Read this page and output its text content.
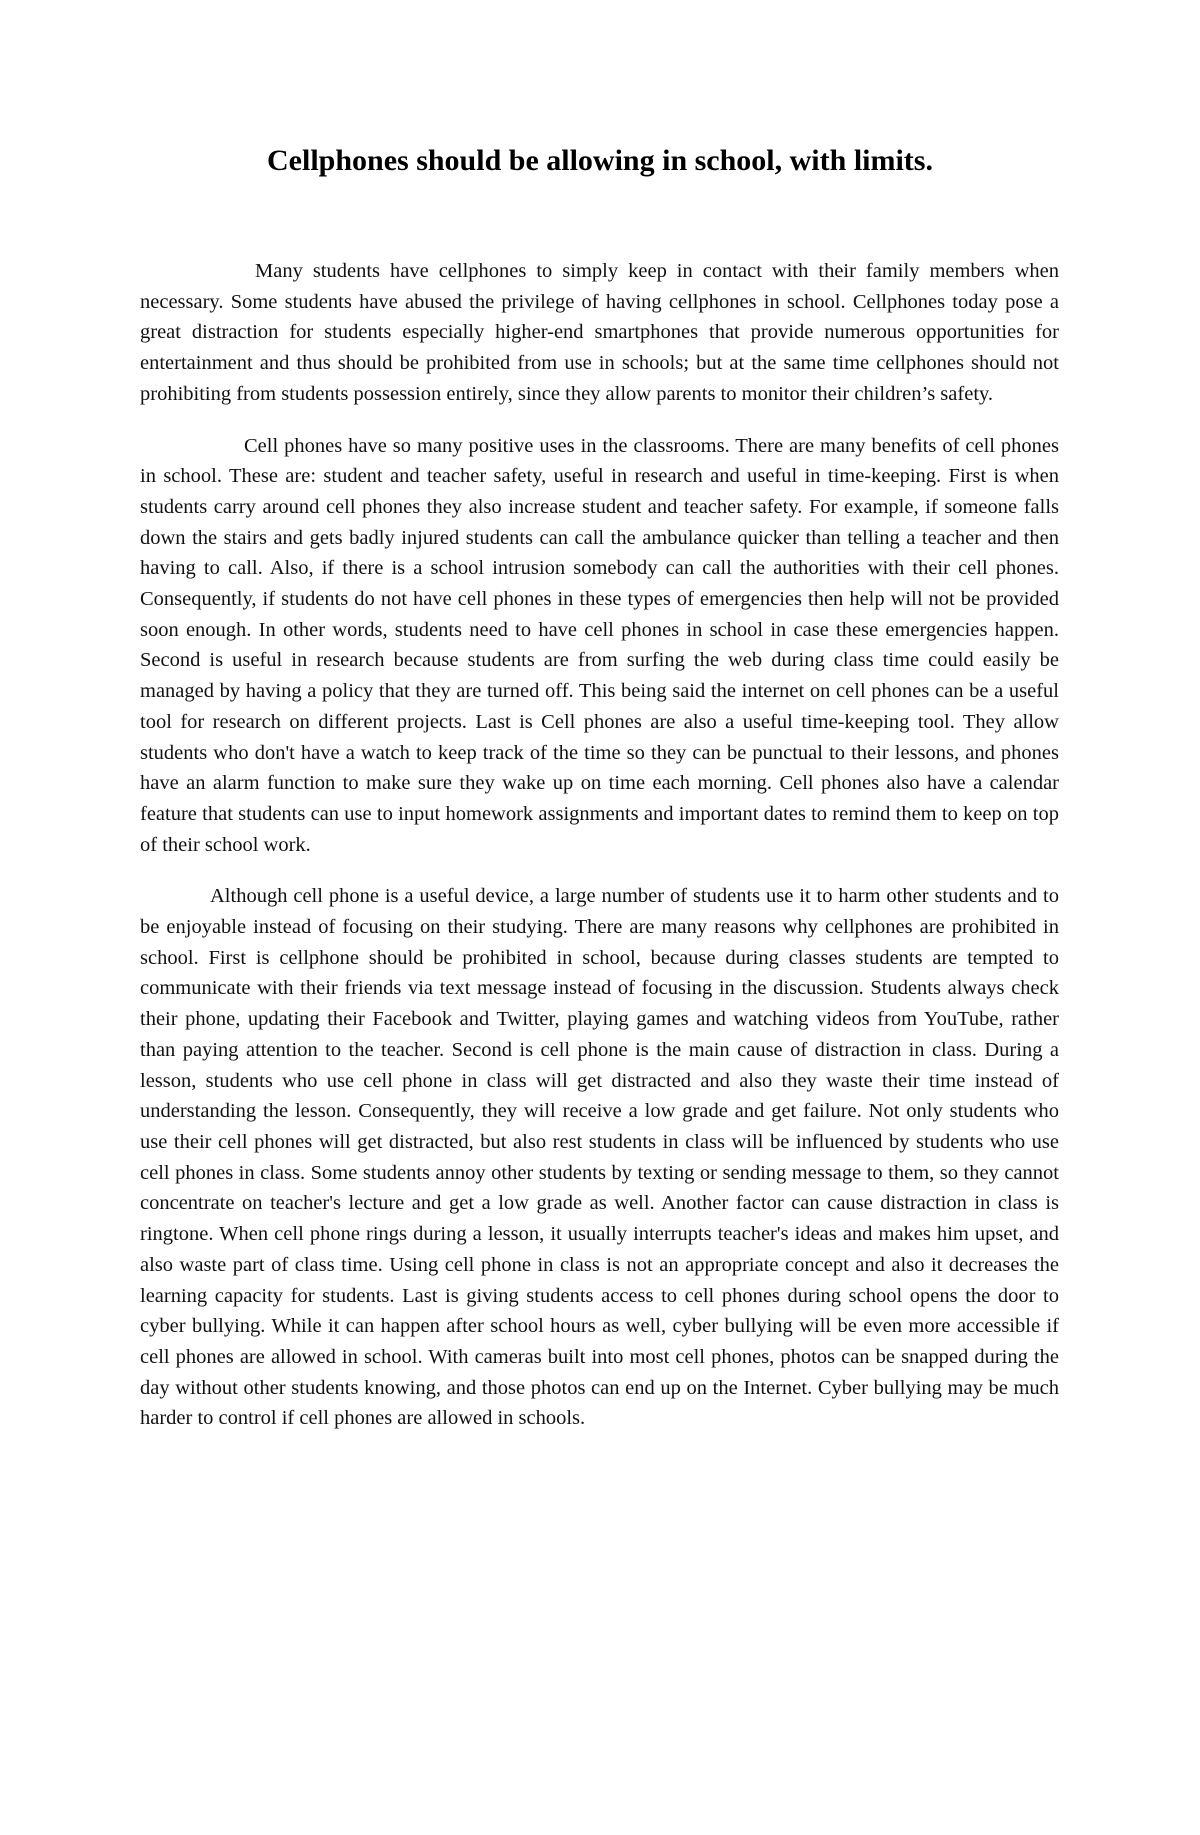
Cellphones should be allowing in school, with limits.

Many students have cellphones to simply keep in contact with their family members when necessary. Some students have abused the privilege of having cellphones in school. Cellphones today pose a great distraction for students especially higher-end smartphones that provide numerous opportunities for entertainment and thus should be prohibited from use in schools; but at the same time cellphones should not prohibiting from students possession entirely, since they allow parents to monitor their children’s safety.

Cell phones have so many positive uses in the classrooms. There are many benefits of cell phones in school. These are: student and teacher safety, useful in research and useful in time-keeping. First is when students carry around cell phones they also increase student and teacher safety. For example, if someone falls down the stairs and gets badly injured students can call the ambulance quicker than telling a teacher and then having to call. Also, if there is a school intrusion somebody can call the authorities with their cell phones. Consequently, if students do not have cell phones in these types of emergencies then help will not be provided soon enough. In other words, students need to have cell phones in school in case these emergencies happen. Second is useful in research because students are from surfing the web during class time could easily be managed by having a policy that they are turned off. This being said the internet on cell phones can be a useful tool for research on different projects. Last is Cell phones are also a useful time-keeping tool. They allow students who don't have a watch to keep track of the time so they can be punctual to their lessons, and phones have an alarm function to make sure they wake up on time each morning. Cell phones also have a calendar feature that students can use to input homework assignments and important dates to remind them to keep on top of their school work.

Although cell phone is a useful device, a large number of students use it to harm other students and to be enjoyable instead of focusing on their studying. There are many reasons why cellphones are prohibited in school. First is cellphone should be prohibited in school, because during classes students are tempted to communicate with their friends via text message instead of focusing in the discussion. Students always check their phone, updating their Facebook and Twitter, playing games and watching videos from YouTube, rather than paying attention to the teacher. Second is cell phone is the main cause of distraction in class. During a lesson, students who use cell phone in class will get distracted and also they waste their time instead of understanding the lesson. Consequently, they will receive a low grade and get failure. Not only students who use their cell phones will get distracted, but also rest students in class will be influenced by students who use cell phones in class. Some students annoy other students by texting or sending message to them, so they cannot concentrate on teacher's lecture and get a low grade as well. Another factor can cause distraction in class is ringtone. When cell phone rings during a lesson, it usually interrupts teacher's ideas and makes him upset, and also waste part of class time. Using cell phone in class is not an appropriate concept and also it decreases the learning capacity for students. Last is giving students access to cell phones during school opens the door to cyber bullying. While it can happen after school hours as well, cyber bullying will be even more accessible if cell phones are allowed in school. With cameras built into most cell phones, photos can be snapped during the day without other students knowing, and those photos can end up on the Internet. Cyber bullying may be much harder to control if cell phones are allowed in schools.
